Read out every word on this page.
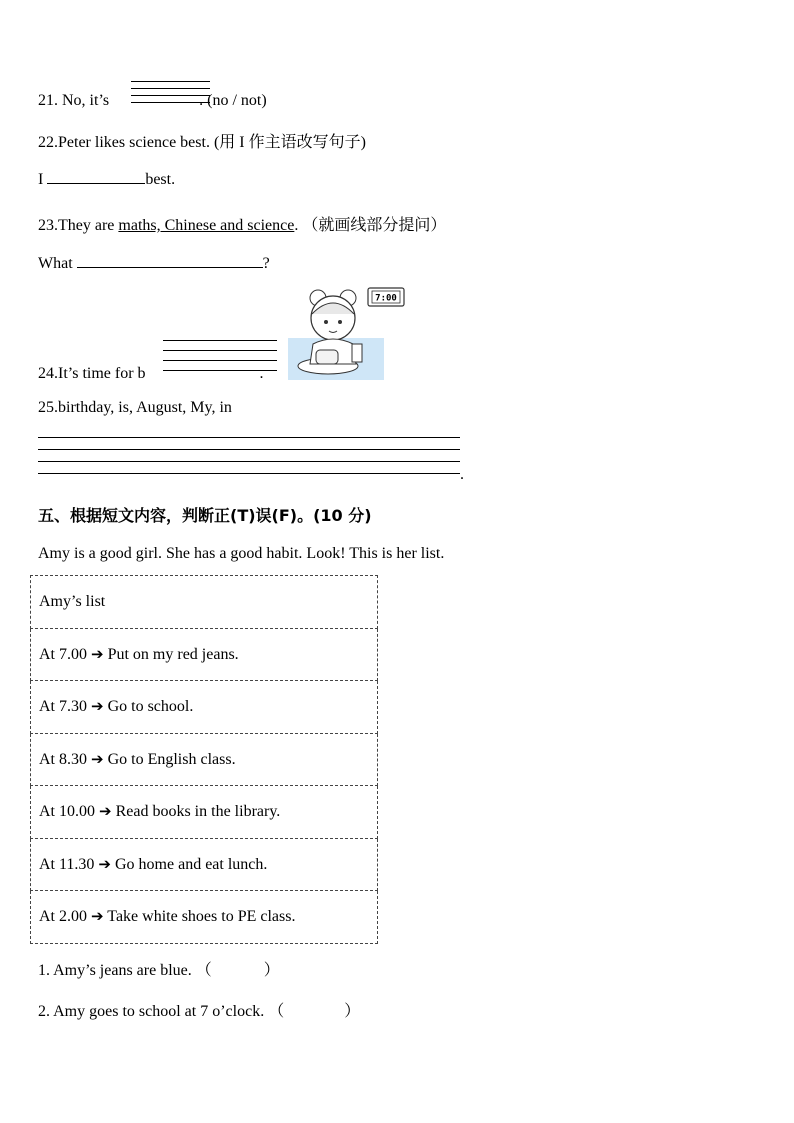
21. No, it’s	. (no / not)
22.Peter likes science best. (用 I 作主语改写句子)
I	best.
23.They are maths, Chinese and science. （就画线部分提问）
What	?
7:00
24.It’s time for b	.
25.birthday, is, August, My, in
.
五、根据短文内容，判断正(T)误(F)。(10 分)
Amy is a good girl. She has a good habit. Look! This is her list.
Amy’s list
At 7.00 ➔ Put on my red jeans.
At 7.30 ➔ Go to school.
At 8.30 ➔ Go to English class.
At 10.00 ➔ Read books in the library.
At 11.30 ➔ Go home and eat lunch.
At 2.00 ➔ Take white shoes to PE class.
1. Amy’s jeans are blue. （	）
2. Amy goes to school at 7 o’clock. （	）
